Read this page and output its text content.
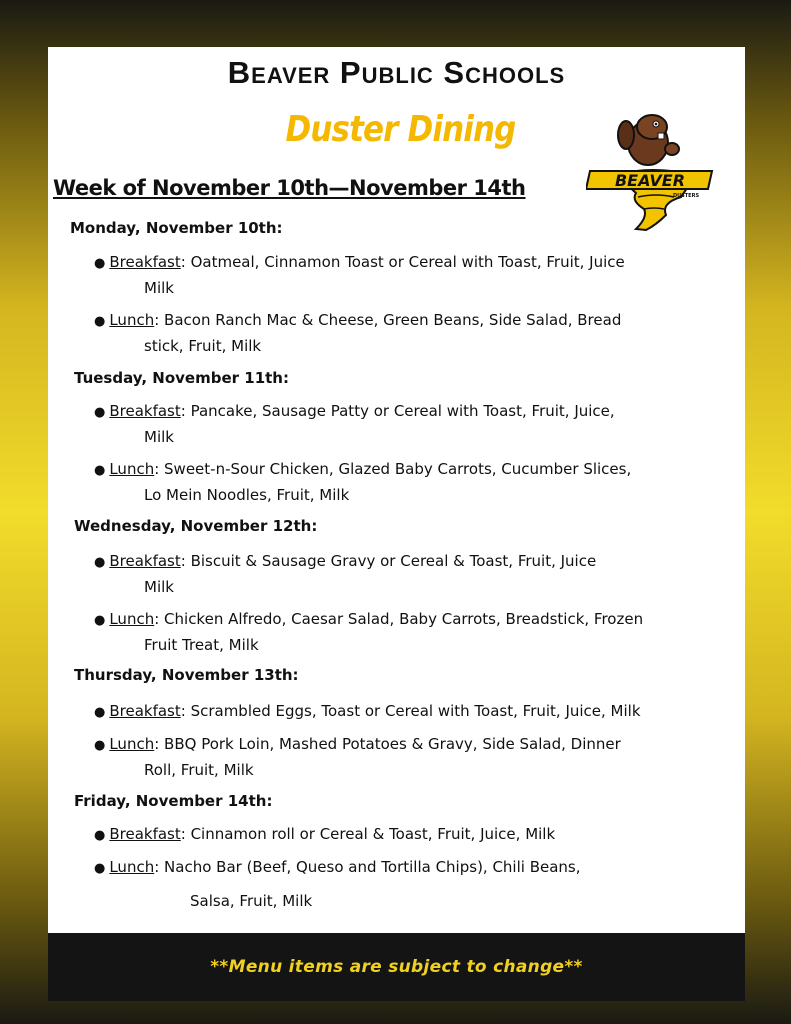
Beaver Public Schools
Duster Dining
BEAVER
DUSTERS
Week of November 10th—November 14th
Monday, November 10th:
● Breakfast: Oatmeal, Cinnamon Toast or Cereal with Toast, Fruit, Juice
Milk
● Lunch: Bacon Ranch Mac & Cheese, Green Beans, Side Salad, Bread
stick, Fruit, Milk
Tuesday, November 11th:
● Breakfast: Pancake, Sausage Patty or Cereal with Toast, Fruit, Juice,
Milk
● Lunch: Sweet-n-Sour Chicken, Glazed Baby Carrots, Cucumber Slices,
Lo Mein Noodles, Fruit, Milk
Wednesday, November 12th:
● Breakfast: Biscuit & Sausage Gravy or Cereal & Toast, Fruit, Juice
Milk
● Lunch: Chicken Alfredo, Caesar Salad, Baby Carrots, Breadstick, Frozen
Fruit Treat, Milk
Thursday, November 13th:
● Breakfast: Scrambled Eggs, Toast or Cereal with Toast, Fruit, Juice, Milk
● Lunch: BBQ Pork Loin, Mashed Potatoes & Gravy, Side Salad, Dinner
Roll, Fruit, Milk
Friday, November 14th:
● Breakfast: Cinnamon roll or Cereal & Toast, Fruit, Juice, Milk
● Lunch: Nacho Bar (Beef, Queso and Tortilla Chips), Chili Beans,
Salsa, Fruit, Milk
**Menu items are subject to change**
